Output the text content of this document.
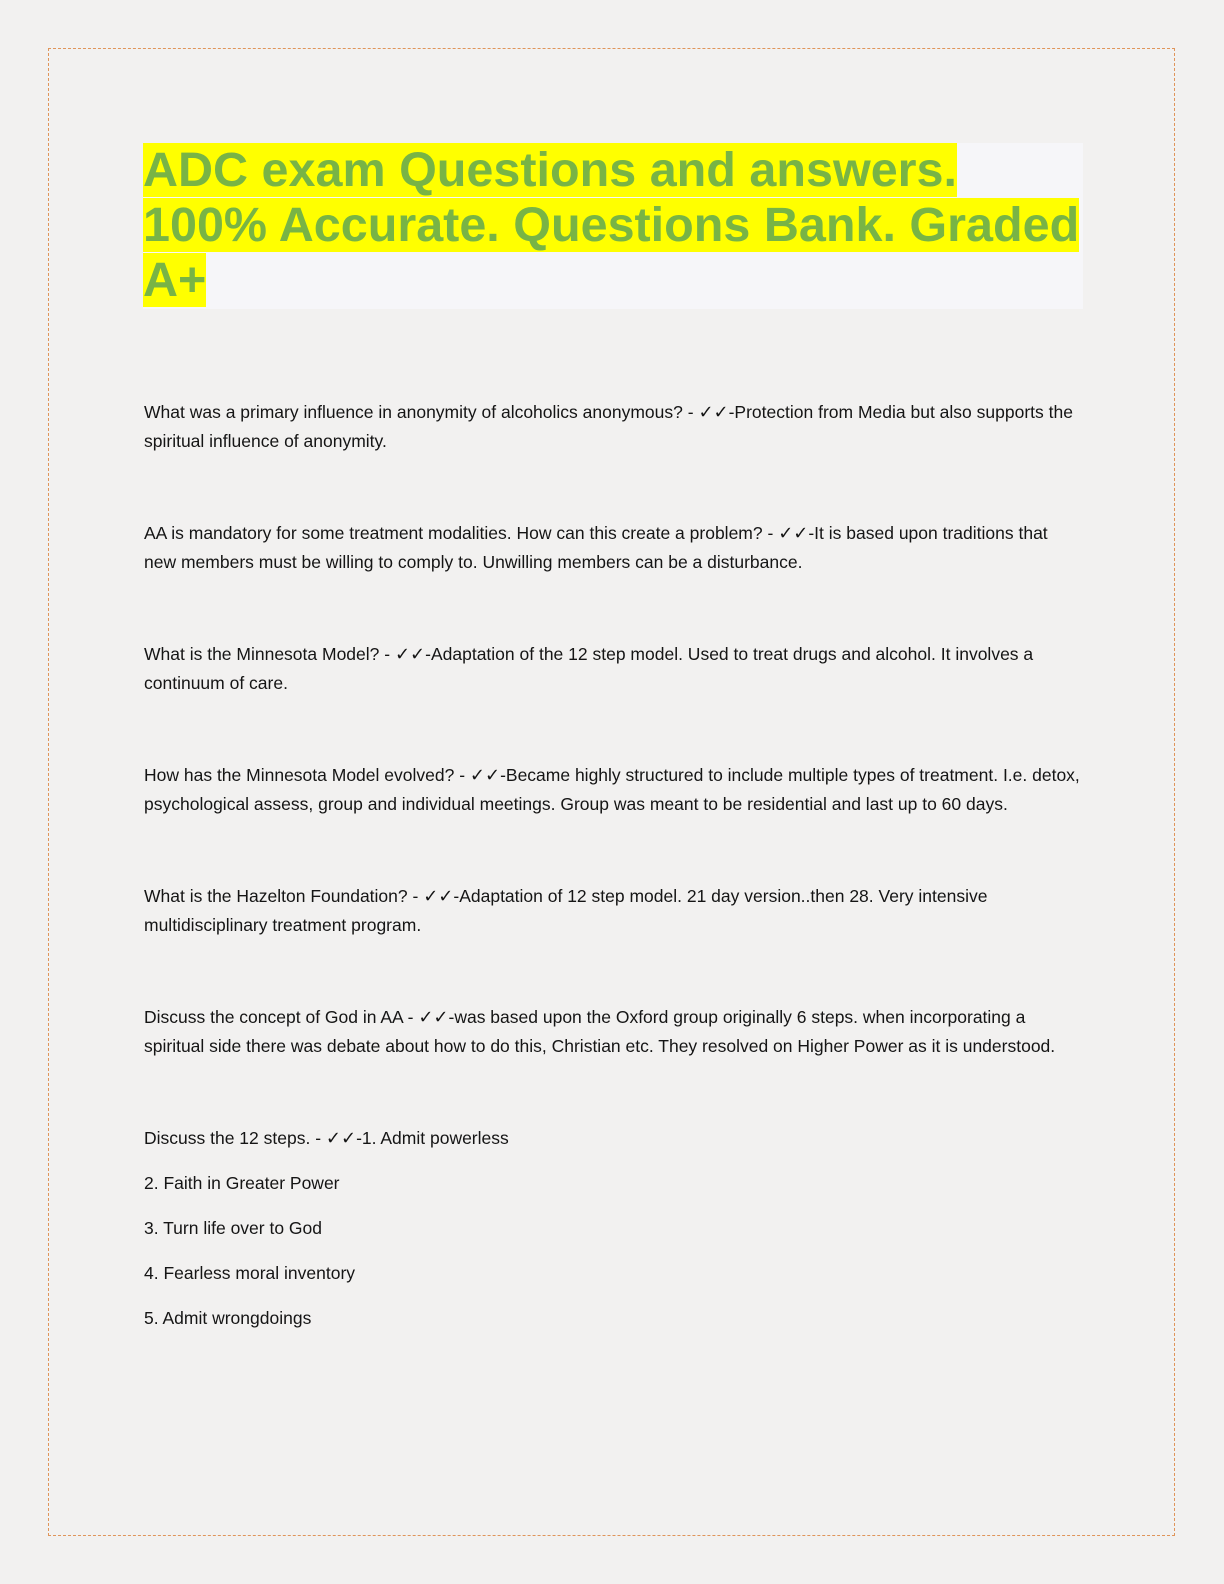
ADC exam Questions and answers. 100% Accurate. Questions Bank. Graded A+

What was a primary influence in anonymity of alcoholics anonymous? - ✓✓-Protection from Media but also supports the spiritual influence of anonymity.

AA is mandatory for some treatment modalities. How can this create a problem? - ✓✓-It is based upon traditions that new members must be willing to comply to. Unwilling members can be a disturbance.

What is the Minnesota Model? - ✓✓-Adaptation of the 12 step model. Used to treat drugs and alcohol. It involves a continuum of care.

How has the Minnesota Model evolved? - ✓✓-Became highly structured to include multiple types of treatment. I.e. detox, psychological assess, group and individual meetings. Group was meant to be residential and last up to 60 days.

What is the Hazelton Foundation? - ✓✓-Adaptation of 12 step model. 21 day version..then 28. Very intensive multidisciplinary treatment program.

Discuss the concept of God in AA - ✓✓-was based upon the Oxford group originally 6 steps. when incorporating a spiritual side there was debate about how to do this, Christian etc. They resolved on Higher Power as it is understood.

Discuss the 12 steps. - ✓✓-1. Admit powerless

2. Faith in Greater Power

3. Turn life over to God

4. Fearless moral inventory

5. Admit wrongdoings
